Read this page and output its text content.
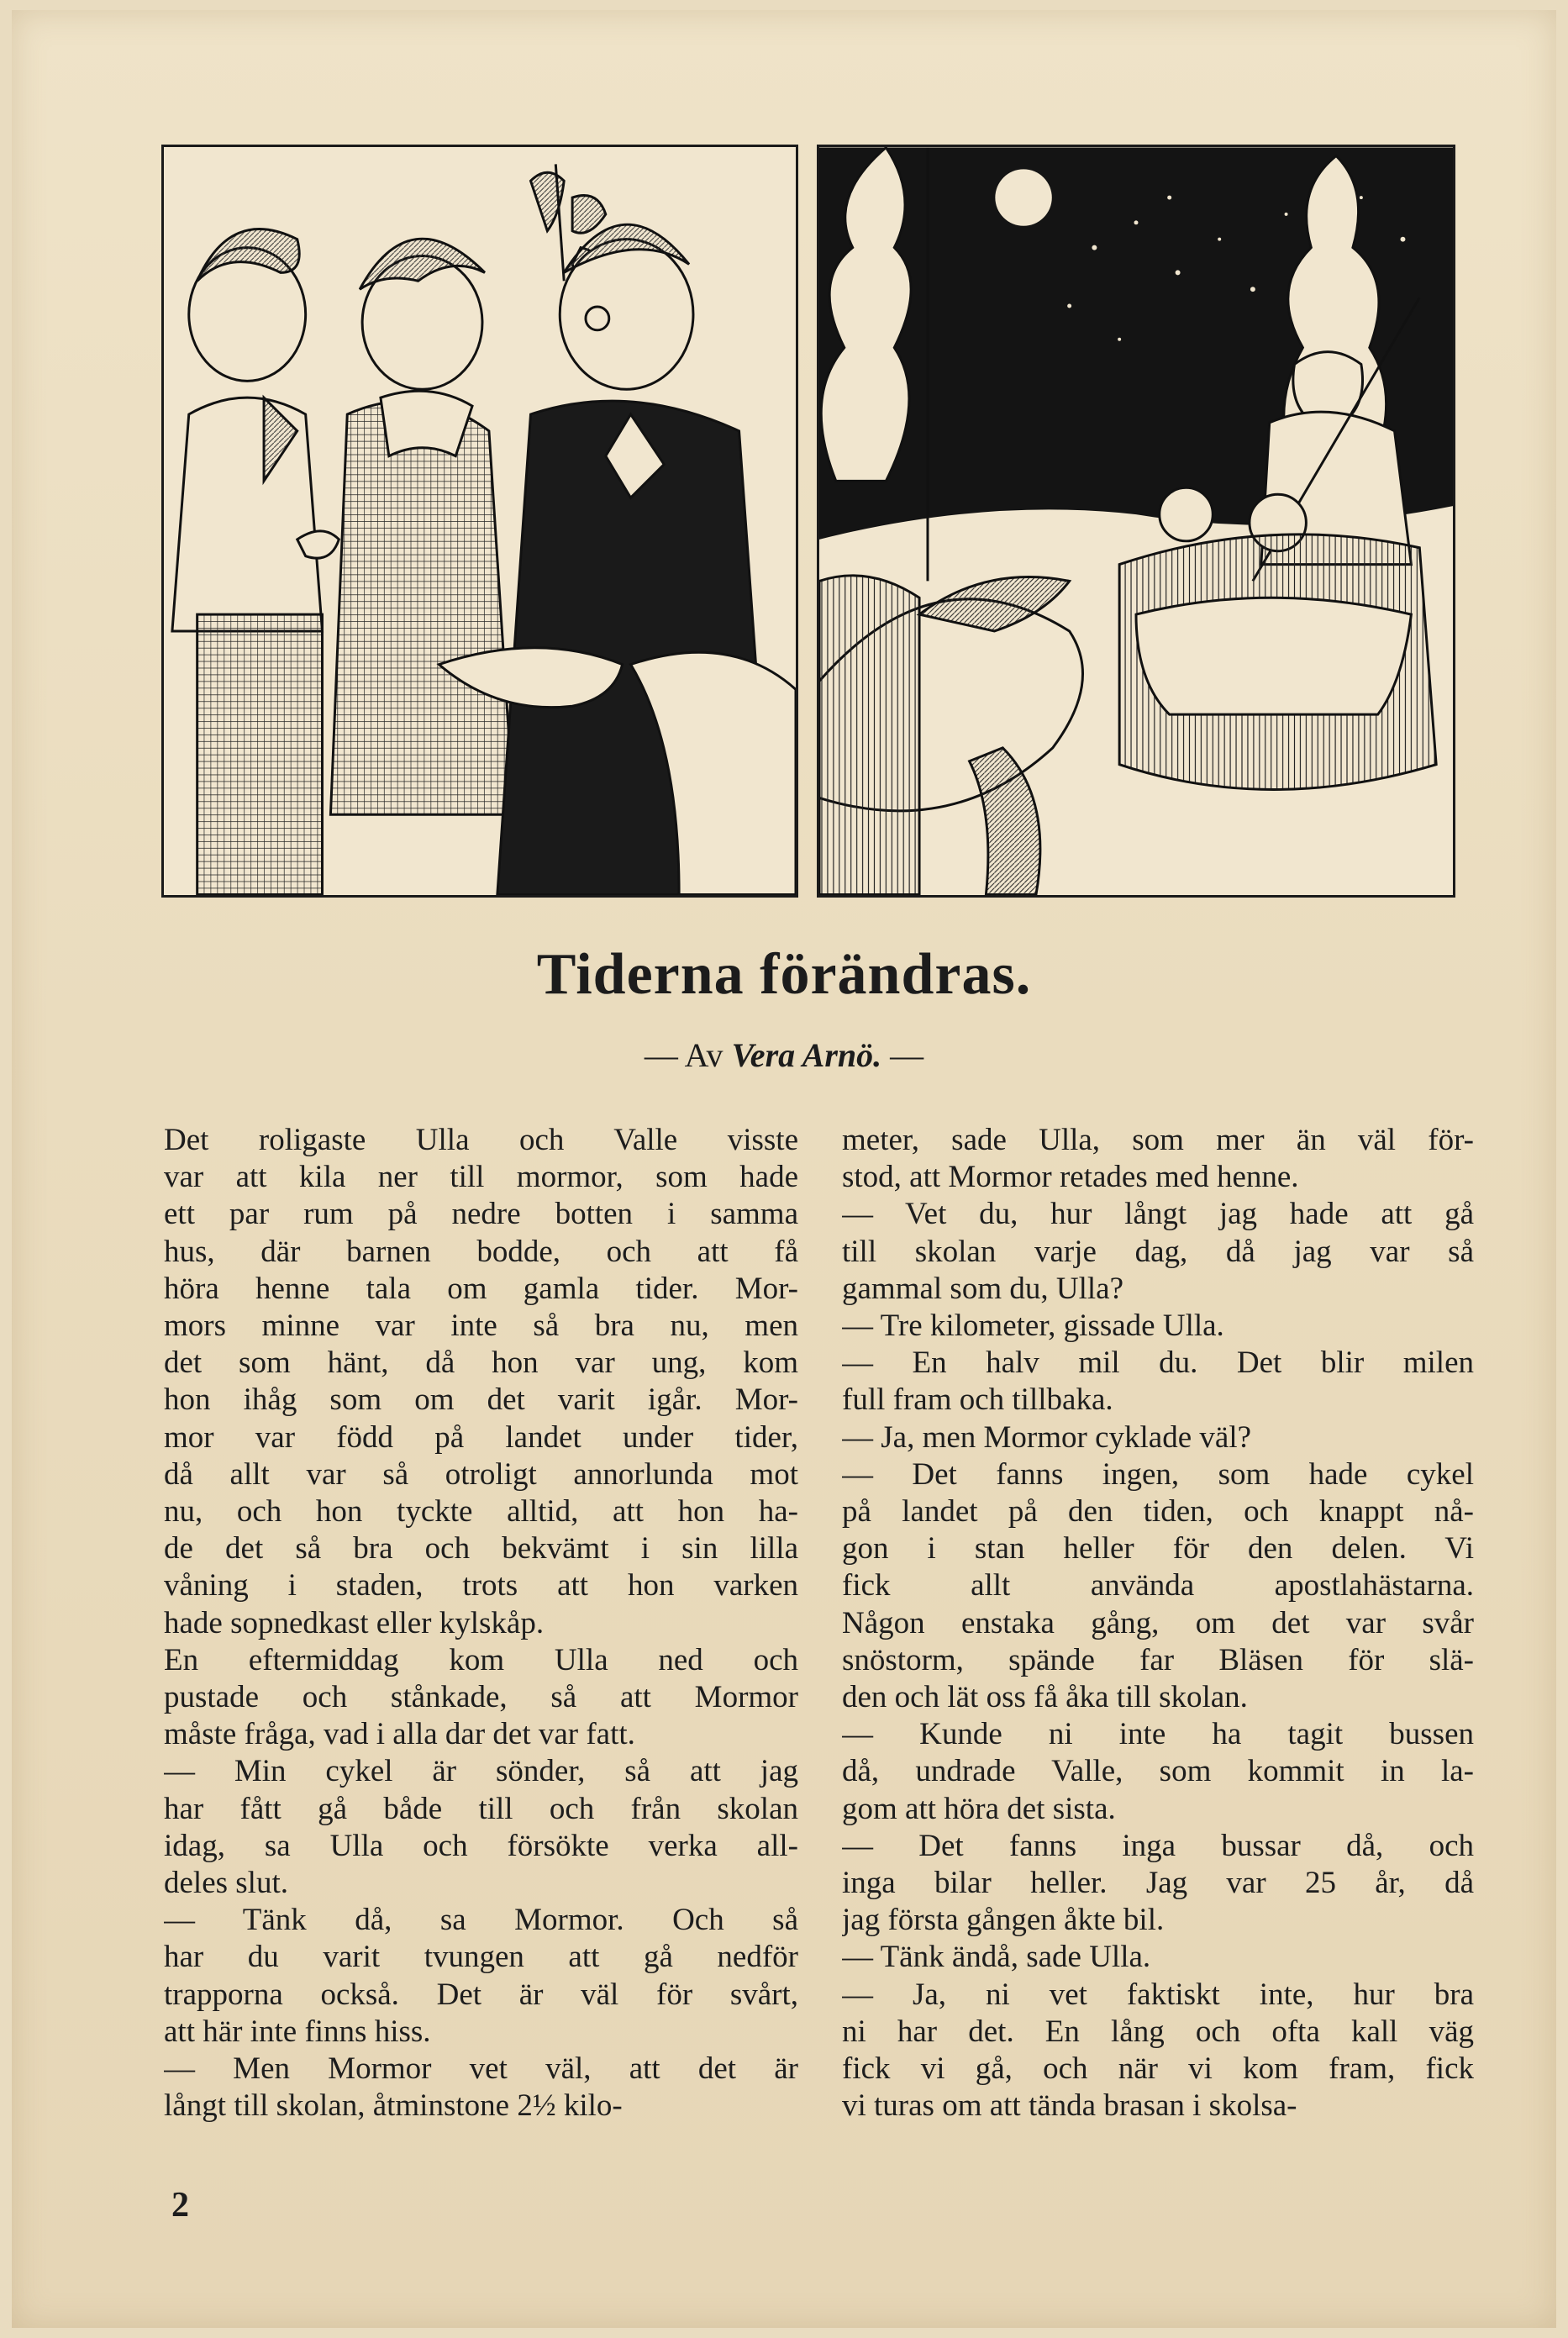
Tiderna förändras.
— Av Vera Arnö. —
Det roligaste Ulla och Valle visste
var att kila ner till mormor, som hade
ett par rum på nedre botten i samma
hus, där barnen bodde, och att få
höra henne tala om gamla tider. Mor-
mors minne var inte så bra nu, men
det som hänt, då hon var ung, kom
hon ihåg som om det varit igår. Mor-
mor var född på landet under tider,
då allt var så otroligt annorlunda mot
nu, och hon tyckte alltid, att hon ha-
de det så bra och bekvämt i sin lilla
våning i staden, trots att hon varken
hade sopnedkast eller kylskåp.
En eftermiddag kom Ulla ned och
pustade och stånkade, så att Mormor
måste fråga, vad i alla dar det var fatt.
— Min cykel är sönder, så att jag
har fått gå både till och från skolan
idag, sa Ulla och försökte verka all-
deles slut.
— Tänk då, sa Mormor. Och så
har du varit tvungen att gå nedför
trapporna också. Det är väl för svårt,
att här inte finns hiss.
— Men Mormor vet väl, att det är
långt till skolan, åtminstone 2½ kilo-
meter, sade Ulla, som mer än väl för-
stod, att Mormor retades med henne.
— Vet du, hur långt jag hade att gå
till skolan varje dag, då jag var så
gammal som du, Ulla?
— Tre kilometer, gissade Ulla.
— En halv mil du. Det blir milen
full fram och tillbaka.
— Ja, men Mormor cyklade väl?
— Det fanns ingen, som hade cykel
på landet på den tiden, och knappt nå-
gon i stan heller för den delen. Vi
fick allt använda apostlahästarna.
Någon enstaka gång, om det var svår
snöstorm, spände far Bläsen för slä-
den och lät oss få åka till skolan.
— Kunde ni inte ha tagit bussen
då, undrade Valle, som kommit in la-
gom att höra det sista.
— Det fanns inga bussar då, och
inga bilar heller. Jag var 25 år, då
jag första gången åkte bil.
— Tänk ändå, sade Ulla.
— Ja, ni vet faktiskt inte, hur bra
ni har det. En lång och ofta kall väg
fick vi gå, och när vi kom fram, fick
vi turas om att tända brasan i skolsa-
2
